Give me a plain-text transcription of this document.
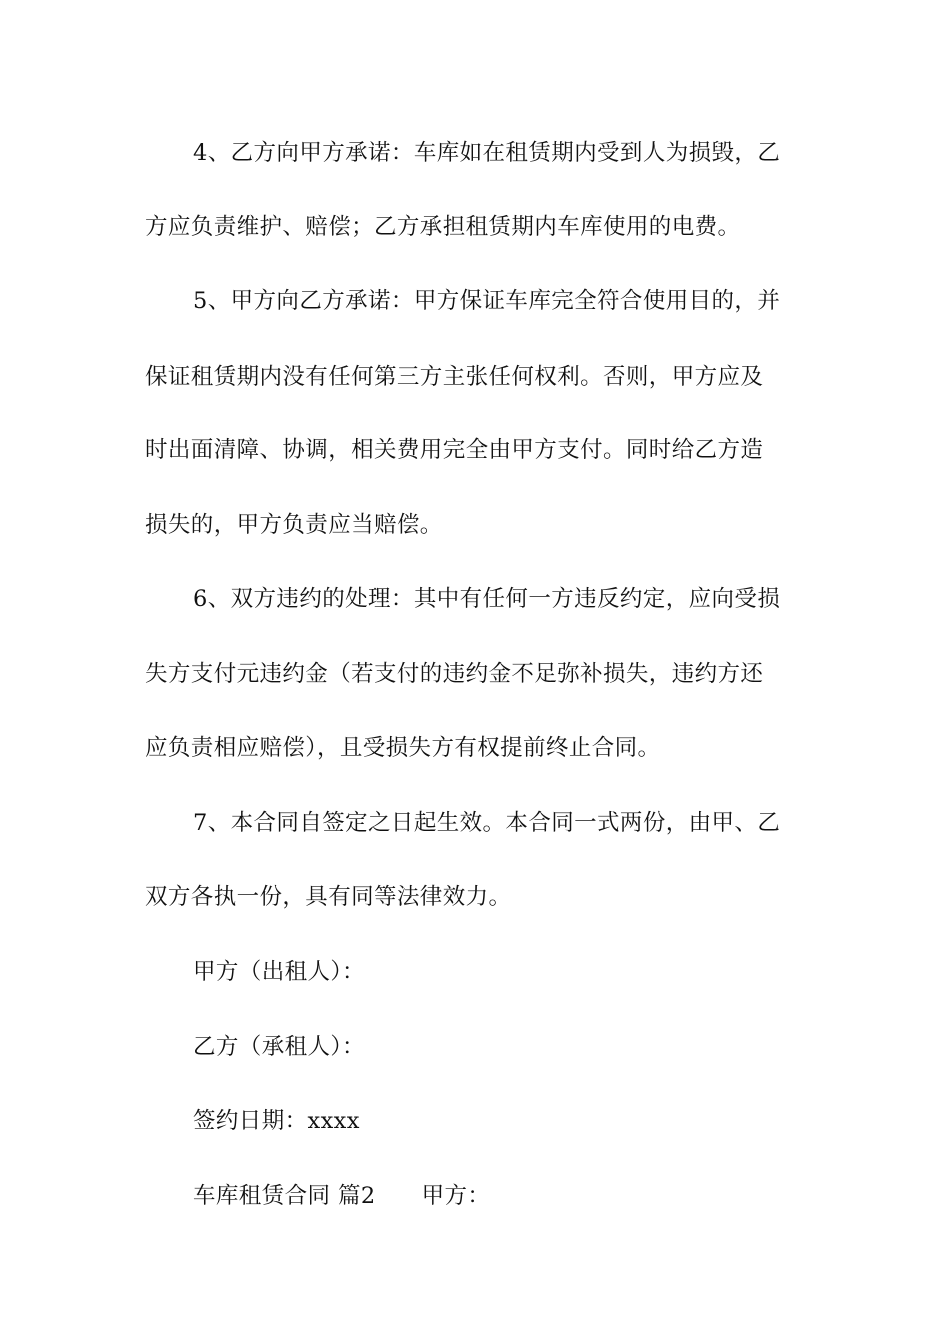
4、乙方向甲方承诺：车库如在租赁期内受到人为损毁，乙
方应负责维护、赔偿；乙方承担租赁期内车库使用的电费。
5、甲方向乙方承诺：甲方保证车库完全符合使用目的，并
保证租赁期内没有任何第三方主张任何权利。否则，甲方应及
时出面清障、协调，相关费用完全由甲方支付。同时给乙方造
损失的，甲方负责应当赔偿。
6、双方违约的处理：其中有任何一方违反约定，应向受损
失方支付元违约金（若支付的违约金不足弥补损失，违约方还
应负责相应赔偿），且受损失方有权提前终止合同。
7、本合同自签定之日起生效。本合同一式两份，由甲、乙
双方各执一份，具有同等法律效力。
甲方（出租人）：
乙方（承租人）：
签约日期：xxxx
车库租赁合同 篇2 甲方：
